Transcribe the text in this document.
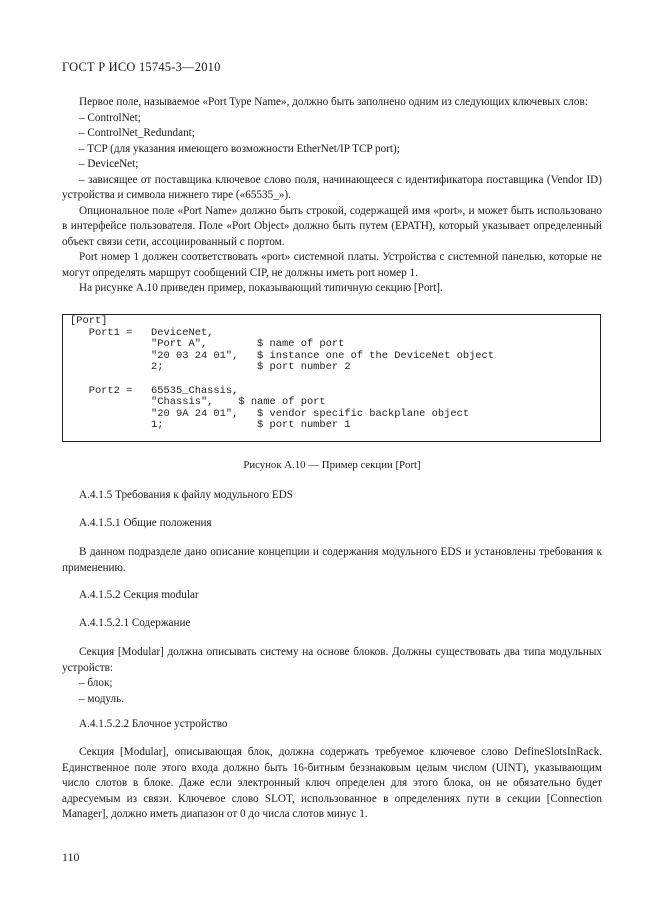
ГОСТ Р ИСО 15745-3—2010

Первое поле, называемое «Port Type Name», должно быть заполнено одним из следующих ключевых слов:

– ControlNet;

– ControlNet_Redundant;

– TCP (для указания имеющего возможности EtherNet/IP TCP port);

– DeviceNet;

– зависящее от поставщика ключевое слово поля, начинающееся с идентификатора поставщика (Vendor ID) устройства и символа нижнего тире («65535_»).

Опциональное поле «Port Name» должно быть строкой, содержащей имя «port», и может быть использовано в интерфейсе пользователя. Поле «Port Object» должно быть путем (EPATH), который указывает определенный объект связи сети, ассоциированный с портом.

Port номер 1 должен соответствовать «port» системной платы. Устройства с системной панелью, которые не могут определять маршрут сообщений CIP, не должны иметь port номер 1.

На рисунке A.10 приведен пример, показывающий типичную секцию [Port].

[Port]
Port1 =   DeviceNet,
"Port A",        $ name of port
"20 03 24 01",   $ instance one of the DeviceNet object
2;               $ port number 2

Port2 =   65535_Chassis,
"Chassis",    $ name of port
"20 9A 24 01",   $ vendor specific backplane object
1;               $ port number 1
Рисунок А.10 — Пример секции [Port]
А.4.1.5 Требования к файлу модульного EDS
А.4.1.5.1 Общие положения

В данном подразделе дано описание концепции и содержания модульного EDS и установлены требования к применению.

А.4.1.5.2 Секция modular
А.4.1.5.2.1 Содержание

Секция [Modular] должна описывать систему на основе блоков. Должны существовать два типа модульных устройств:

– блок;

– модуль.

А.4.1.5.2.2 Блочное устройство

Секция [Modular], описывающая блок, должна содержать требуемое ключевое слово DefineSlotsInRack. Единственное поле этого входа должно быть 16-битным беззнаковым целым числом (UINT), указывающим число слотов в блоке. Даже если электронный ключ определен для этого блока, он не обязательно будет адресуемым из связи. Ключевое слово SLOT, использованное в определениях пути в секции [Connection Manager], должно иметь диапазон от 0 до числа слотов минус 1.

110
